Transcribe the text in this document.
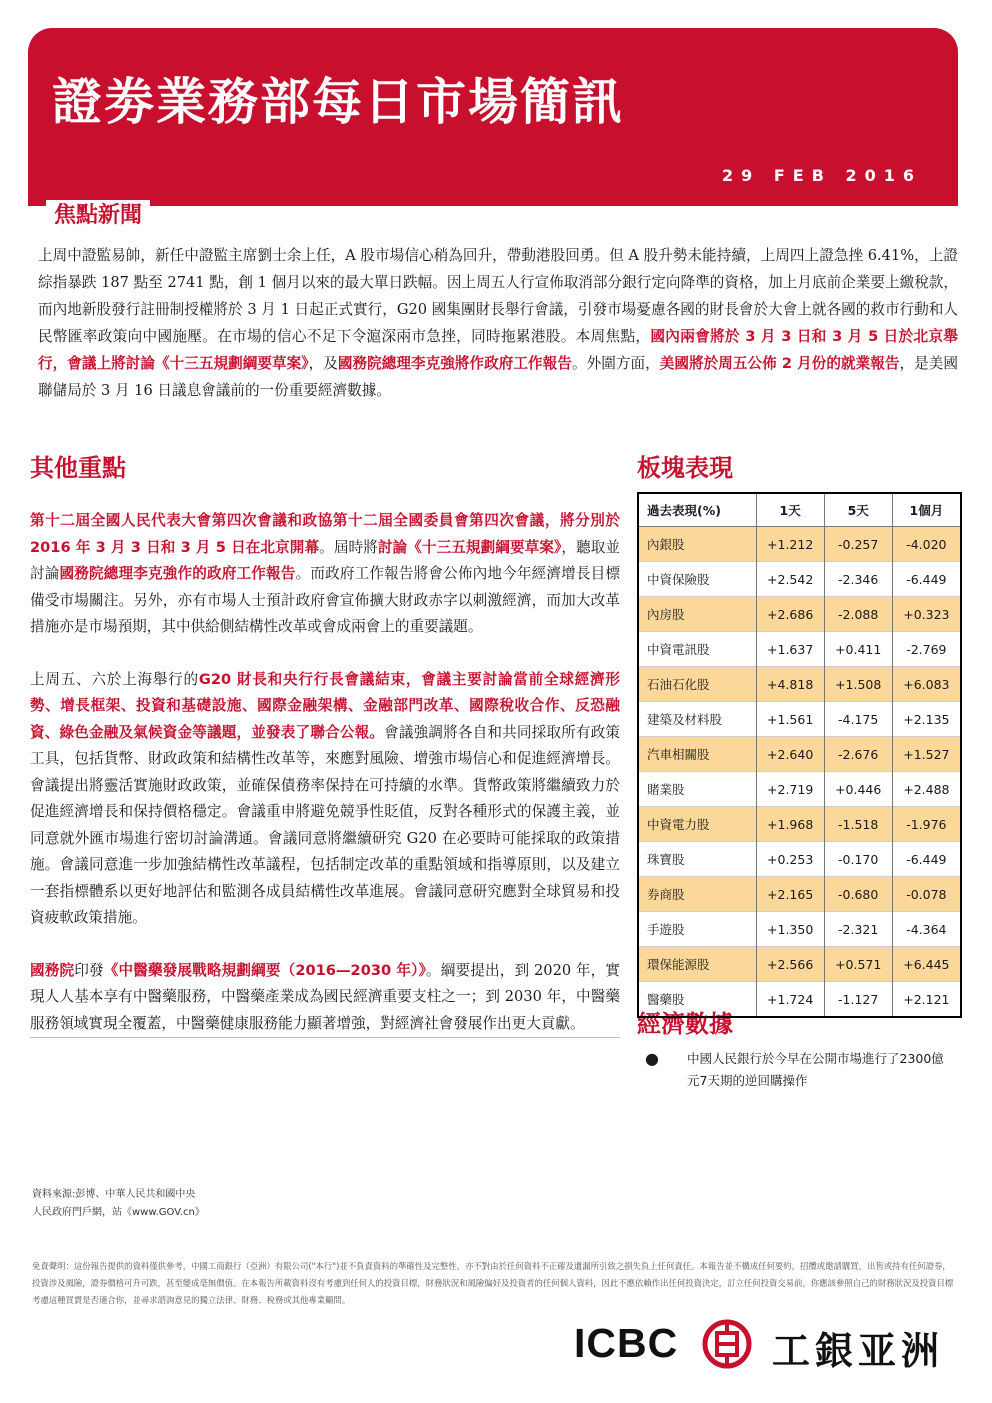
證劵業務部每日市場簡訊
29 FEB 2016
焦點新聞
上周中證監易帥，新任中證監主席劉士余上任，A 股市場信心稍為回升，帶動港股回勇。但 A 股升勢未能持續，上周四上證急挫 6.41%，上證綜指暴跌 187 點至 2741 點，創 1 個月以來的最大單日跌幅。因上周五人行宣佈取消部分銀行定向降準的資格，加上月底前企業要上繳稅款，而內地新股發行註冊制授權將於 3 月 1 日起正式實行，G20 國集團財長舉行會議，引發市場憂慮各國的財長會於大會上就各國的救市行動和人民幣匯率政策向中國施壓。在市場的信心不足下令滬深兩市急挫，同時拖累港股。本周焦點，國內兩會將於 3 月 3 日和 3 月 5 日於北京舉行，會議上將討論《十三五規劃綱要草案》，及國務院總理李克強將作政府工作報告。外圍方面，美國將於周五公佈 2 月份的就業報告，是美國聯儲局於 3 月 16 日議息會議前的一份重要經濟數據。
其他重點	板塊表現
經濟數據

第十二屆全國人民代表大會第四次會議和政協第十二屆全國委員會第四次會議，將分別於 2016 年 3 月 3 日和 3 月 5 日在北京開幕。屆時將討論《十三五規劃綱要草案》，聽取並討論國務院總理李克強作的政府工作報告。而政府工作報告將會公佈內地今年經濟增長目標備受市場關注。另外，亦有市場人士預計政府會宣佈擴大財政赤字以刺激經濟，而加大改革措施亦是市場預期，其中供給側結構性改革或會成兩會上的重要議題。

上周五、六於上海舉行的G20 財長和央行行長會議結束，會議主要討論當前全球經濟形勢、增長框架、投資和基礎設施、國際金融架構、金融部門改革、國際稅收合作、反恐融資、綠色金融及氣候資金等議題，並發表了聯合公報。會議強調將各自和共同採取所有政策工具，包括貨幣、財政政策和結構性改革等，來應對風險、增強市場信心和促進經濟增長。會議提出將靈活實施財政政策，並確保債務率保持在可持續的水準。貨幣政策將繼續致力於促進經濟增長和保持價格穩定。會議重申將避免競爭性貶值，反對各種形式的保護主義，並同意就外匯市場進行密切討論溝通。會議同意將繼續研究 G20 在必要時可能採取的政策措施。會議同意進一步加強結構性改革議程，包括制定改革的重點領域和指導原則，以及建立一套指標體系以更好地評估和監測各成員結構性改革進展。會議同意研究應對全球貿易和投資疲軟政策措施。

國務院印發《中醫藥發展戰略規劃綱要（2016—2030 年）》。綱要提出，到 2020 年，實現人人基本享有中醫藥服務，中醫藥產業成為國民經濟重要支柱之一；到 2030 年，中醫藥服務領域實現全覆蓋，中醫藥健康服務能力顯著增強，對經濟社會發展作出更大貢獻。

過去表現(%)	1天	5天	1個月
內銀股	+1.212	-0.257	-4.020
中資保險股	+2.542	-2.346	-6.449
內房股	+2.686	-2.088	+0.323
中資電訊股	+1.637	+0.411	-2.769
石油石化股	+4.818	+1.508	+6.083
建築及材料股	+1.561	-4.175	+2.135
汽車相關股	+2.640	-2.676	+1.527
賭業股	+2.719	+0.446	+2.488
中資電力股	+1.968	-1.518	-1.976
珠寶股	+0.253	-0.170	-6.449
券商股	+2.165	-0.680	-0.078
手遊股	+1.350	-2.321	-4.364
環保能源股	+2.566	+0.571	+6.445
醫藥股	+1.724	-1.127	+2.121
● 中國人民銀行於今早在公開市場進行了2300億元7天期的逆回購操作
資料來源:彭博、中華人民共和國中央
人民政府門戶網，站《www.GOV.cn》
免責聲明：這份報告提供的資料僅供參考，中國工商銀行（亞洲）有限公司("本行")並不負責資料的準確性及完整性，亦不對由於任何資料不正確及遺漏所引致之損失負上任何責任。本報告並不構成任何要約，招攬或邀請購買，出售或持有任何證券，投資涉及風險，證券價格可升可跌，甚至變成毫無價值。在本報告所載資料沒有考慮到任何人的投資目標，財務狀況和風險偏好及投資者的任何個人資料，因此不應依賴作出任何投資決定，訂立任何投資交易前，你應該參照自己的財務狀況及投資目標考慮這種買賣是否適合你，並尋求諮詢意見的獨立法律、財務、稅務或其他專業顧問。
ICBC 工銀亚洲
